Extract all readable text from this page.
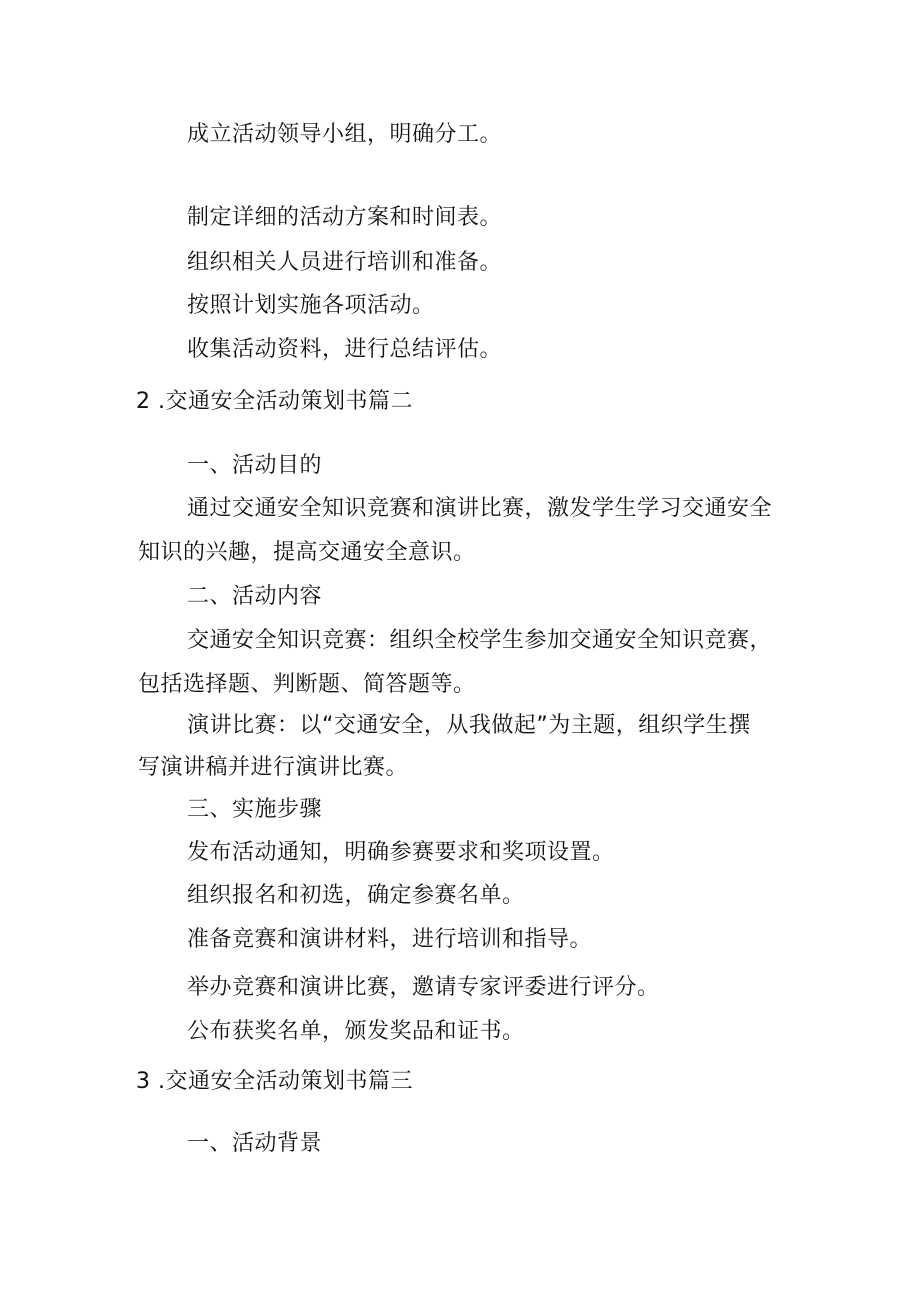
成立活动领导小组，明确分工。
制定详细的活动方案和时间表。
组织相关人员进行培训和准备。
按照计划实施各项活动。
收集活动资料，进行总结评估。
2 .交通安全活动策划书篇二
一、活动目的
通过交通安全知识竞赛和演讲比赛，激发学生学习交通安全
知识的兴趣，提高交通安全意识。
二、活动内容
交通安全知识竞赛：组织全校学生参加交通安全知识竞赛，
包括选择题、判断题、简答题等。
演讲比赛：以“交通安全，从我做起”为主题，组织学生撰
写演讲稿并进行演讲比赛。
三、实施步骤
发布活动通知，明确参赛要求和奖项设置。
组织报名和初选，确定参赛名单。
准备竞赛和演讲材料，进行培训和指导。
举办竞赛和演讲比赛，邀请专家评委进行评分。
公布获奖名单，颁发奖品和证书。
3 .交通安全活动策划书篇三
一、活动背景
